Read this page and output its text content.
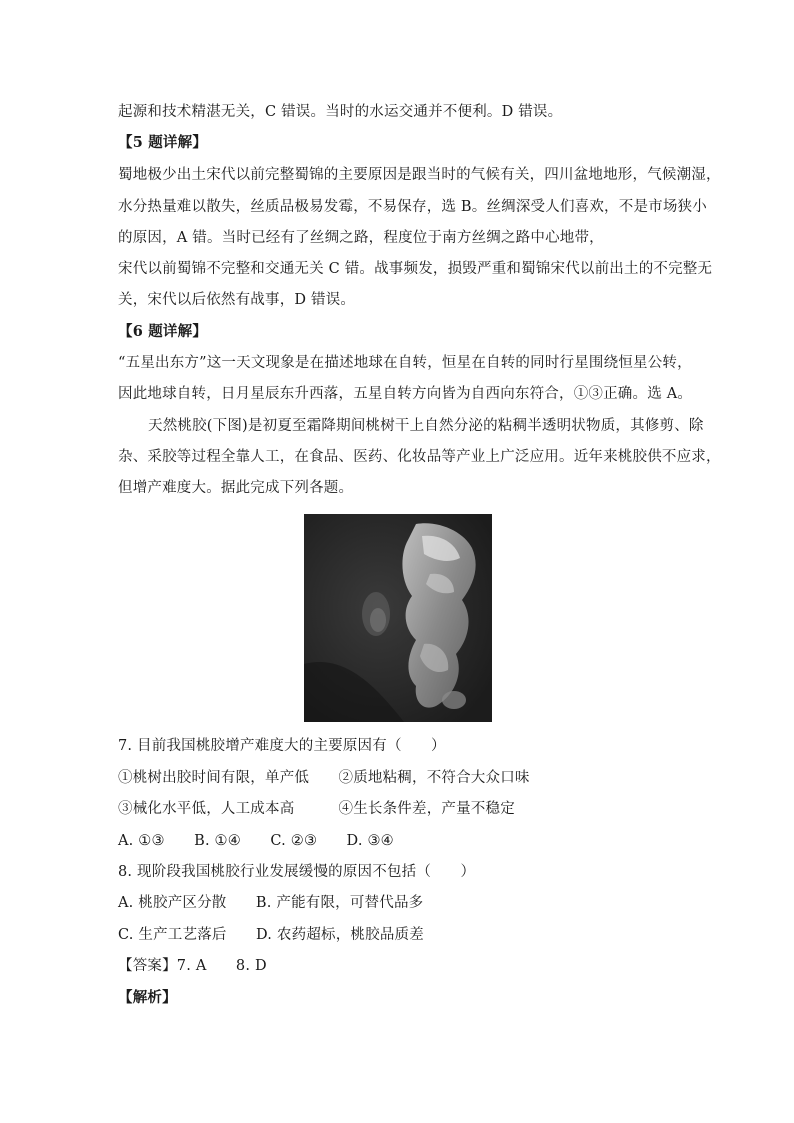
起源和技术精湛无关，C 错误。当时的水运交通并不便利。D 错误。
【5 题详解】
蜀地极少出土宋代以前完整蜀锦的主要原因是跟当时的气候有关，四川盆地地形，气候潮湿，
水分热量难以散失，丝质品极易发霉，不易保存，选 B。丝绸深受人们喜欢，不是市场狭小
的原因，A 错。当时已经有了丝绸之路，程度位于南方丝绸之路中心地带，
宋代以前蜀锦不完整和交通无关 C 错。战事频发，损毁严重和蜀锦宋代以前出土的不完整无
关，宋代以后依然有战事，D 错误。
【6 题详解】
“五星出东方”这一天文现象是在描述地球在自转，恒星在自转的同时行星围绕恒星公转，
因此地球自转，日月星辰东升西落，五星自转方向皆为自西向东符合，①③正确。选 A。
天然桃胶(下图)是初夏至霜降期间桃树干上自然分泌的粘稠半透明状物质，其修剪、除
杂、采胶等过程全靠人工，在食品、医药、化妆品等产业上广泛应用。近年来桃胶供不应求，
但增产难度大。据此完成下列各题。
7. 目前我国桃胶增产难度大的主要原因有（　　）
①桃树出胶时间有限，单产低　　②质地粘稠，不符合大众口味
③械化水平低，人工成本高　　　④生长条件差，产量不稳定
A. ①③　　B. ①④　　C. ②③　　D. ③④
8. 现阶段我国桃胶行业发展缓慢的原因不包括（　　）
A. 桃胶产区分散　　B. 产能有限，可替代品多
C. 生产工艺落后　　D. 农药超标，桃胶品质差
【答案】7. A　　8. D
【解析】
